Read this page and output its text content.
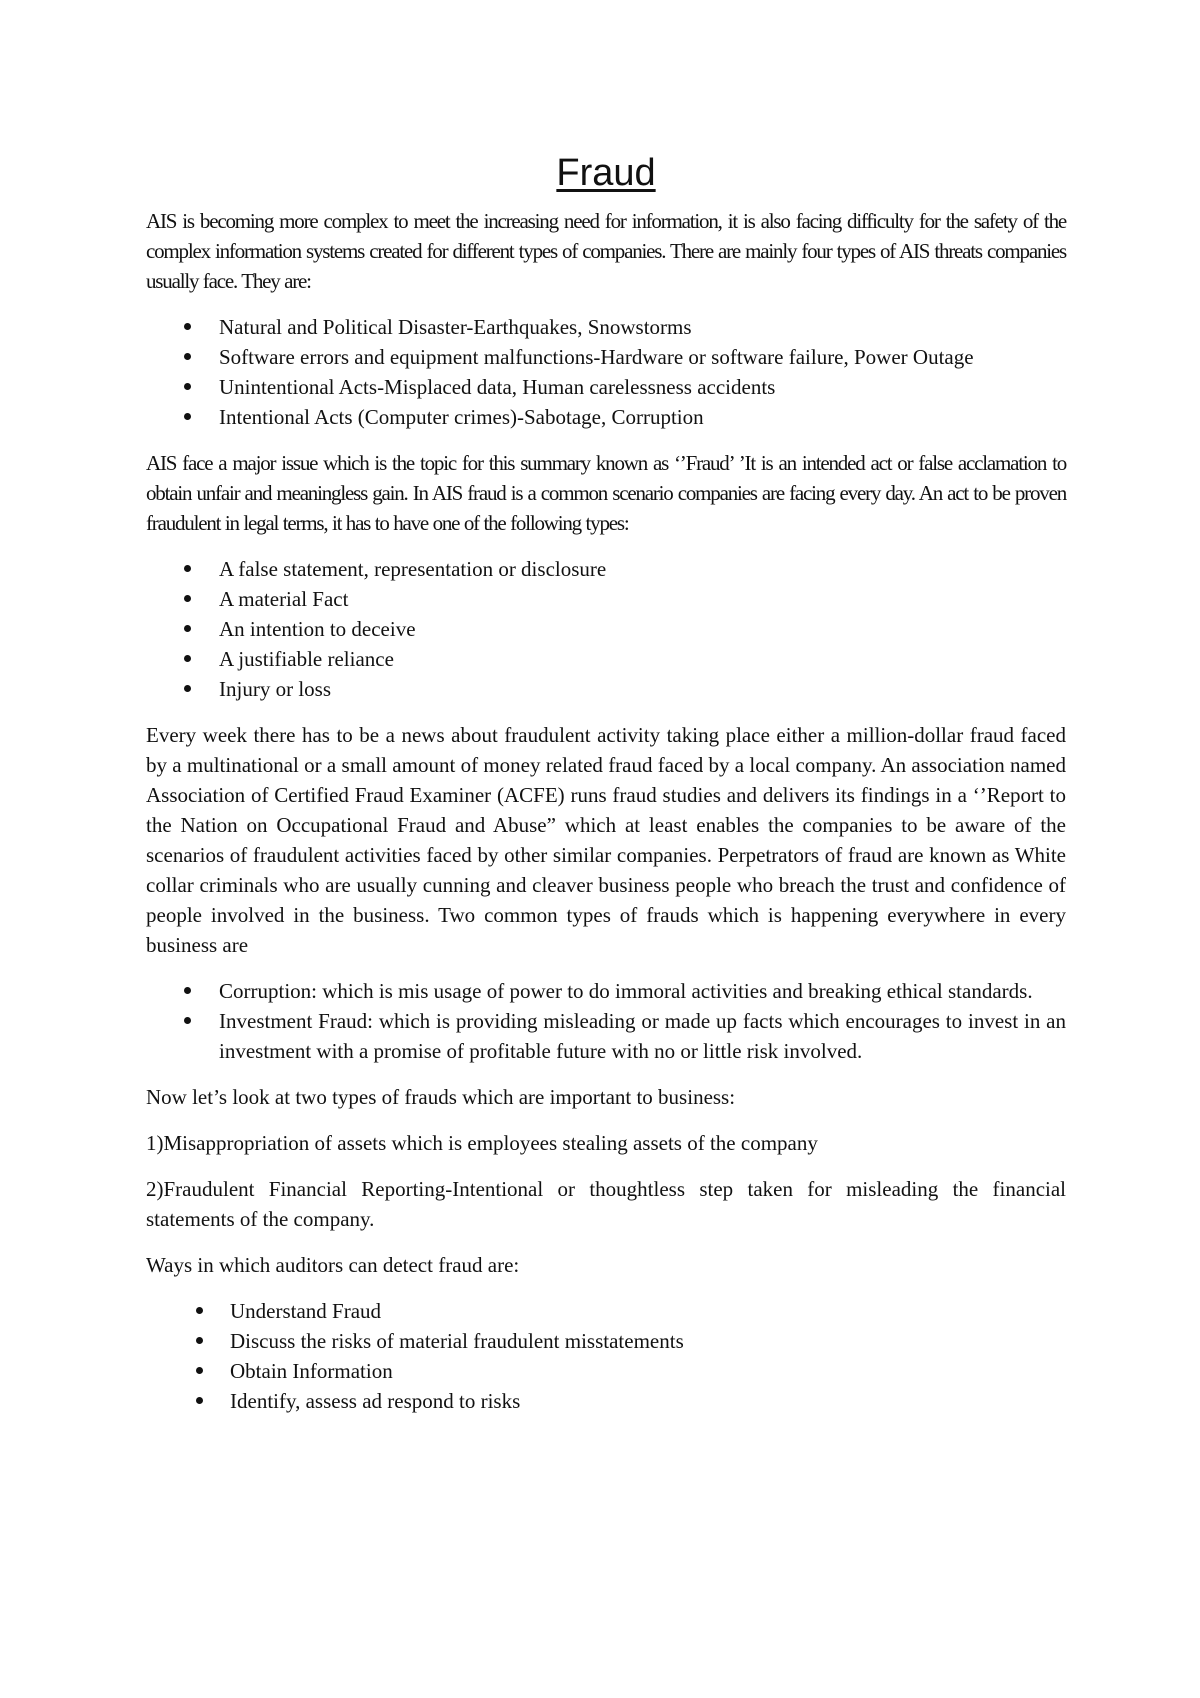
Fraud

AIS is becoming more complex to meet the increasing need for information, it is also facing difficulty for the safety of the complex information systems created for different types of companies. There are mainly four types of AIS threats companies usually face. They are:

Natural and Political Disaster-Earthquakes, Snowstorms
Software errors and equipment malfunctions-Hardware or software failure, Power Outage
Unintentional Acts-Misplaced data, Human carelessness accidents
Intentional Acts (Computer crimes)-Sabotage, Corruption

AIS face a major issue which is the topic for this summary known as ‘’Fraud’ ’It is an intended act or false acclamation to obtain unfair and meaningless gain. In AIS fraud is a common scenario companies are facing every day. An act to be proven fraudulent in legal terms, it has to have one of the following types:

A false statement, representation or disclosure
A material Fact
An intention to deceive
A justifiable reliance
Injury or loss

Every week there has to be a news about fraudulent activity taking place either a million-dollar fraud faced by a multinational or a small amount of money related fraud faced by a local company. An association named Association of Certified Fraud Examiner (ACFE) runs fraud studies and delivers its findings in a ‘’Report to the Nation on Occupational Fraud and Abuse” which at least enables the companies to be aware of the scenarios of fraudulent activities faced by other similar companies. Perpetrators of fraud are known as White collar criminals who are usually cunning and cleaver business people who breach the trust and confidence of people involved in the business. Two common types of frauds which is happening everywhere in every business are

Corruption: which is mis usage of power to do immoral activities and breaking ethical standards.
Investment Fraud: which is providing misleading or made up facts which encourages to invest in an investment with a promise of profitable future with no or little risk involved.

Now let’s look at two types of frauds which are important to business:

1)Misappropriation of assets which is employees stealing assets of the company

2)Fraudulent Financial Reporting-Intentional or thoughtless step taken for misleading the financial statements of the company.

Ways in which auditors can detect fraud are:

Understand Fraud
Discuss the risks of material fraudulent misstatements
Obtain Information
Identify, assess ad respond to risks
